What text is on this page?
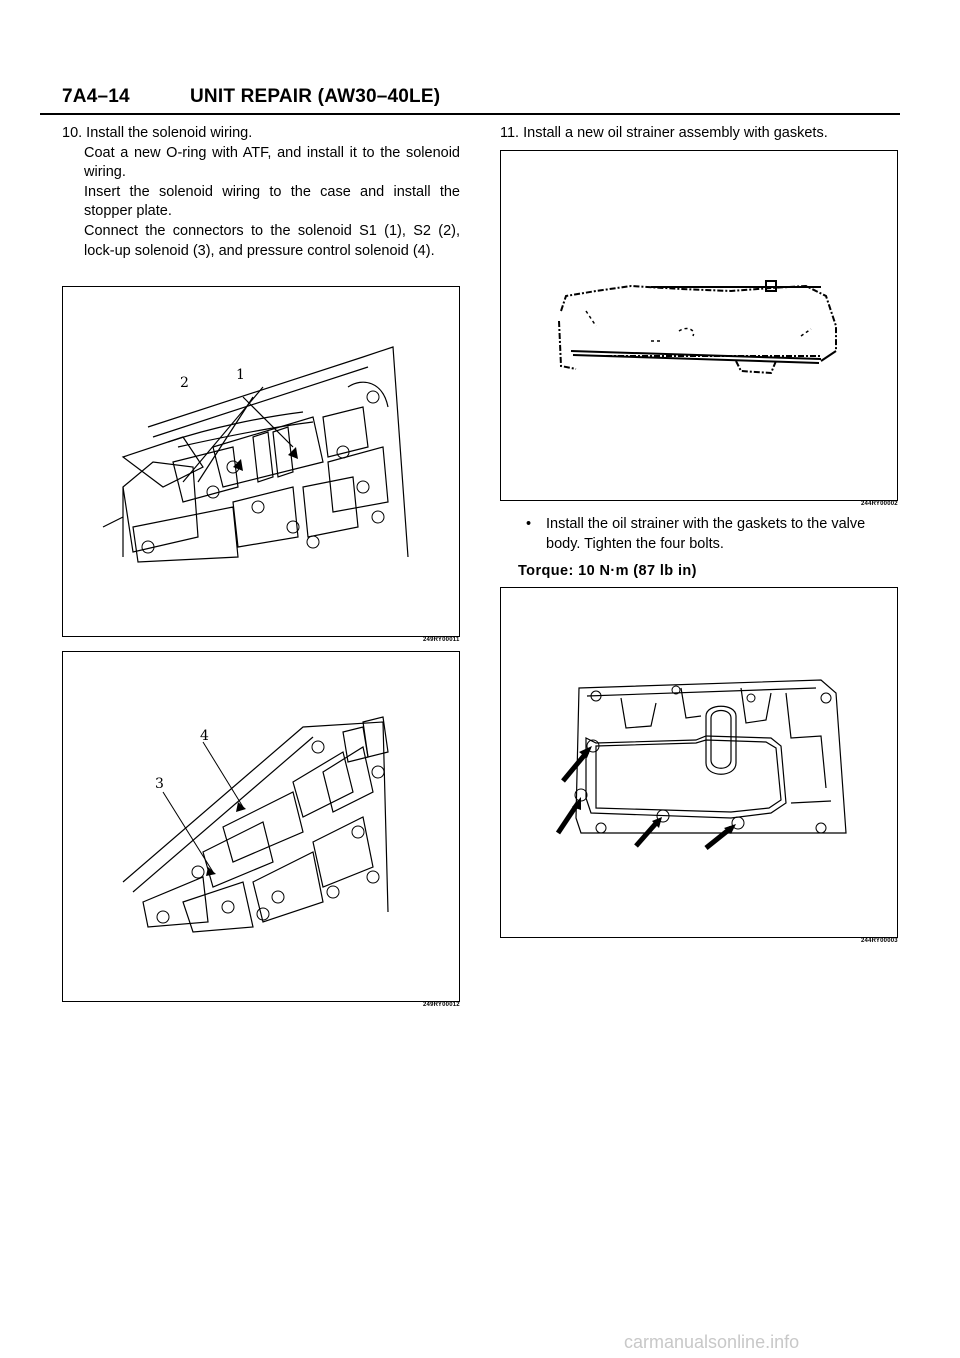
7A4–14	UNIT REPAIR (AW30–40LE)

10. Install the solenoid wiring.

Coat a new O-ring with ATF, and install it to the solenoid wiring.

Insert the solenoid wiring to the case and install the stopper plate.

Connect the connectors to the solenoid S1 (1), S2 (2), lock-up solenoid (3), and pressure control solenoid (4).

2	1
249RY00011
3
4
249RY00012

11. Install a new oil strainer assembly with gaskets.

244RY00002
• Install the oil strainer with the gaskets to the valve body. Tighten the four bolts.

Torque: 10 N·m (87 lb in)
244RY00003
carmanualsonline.info
